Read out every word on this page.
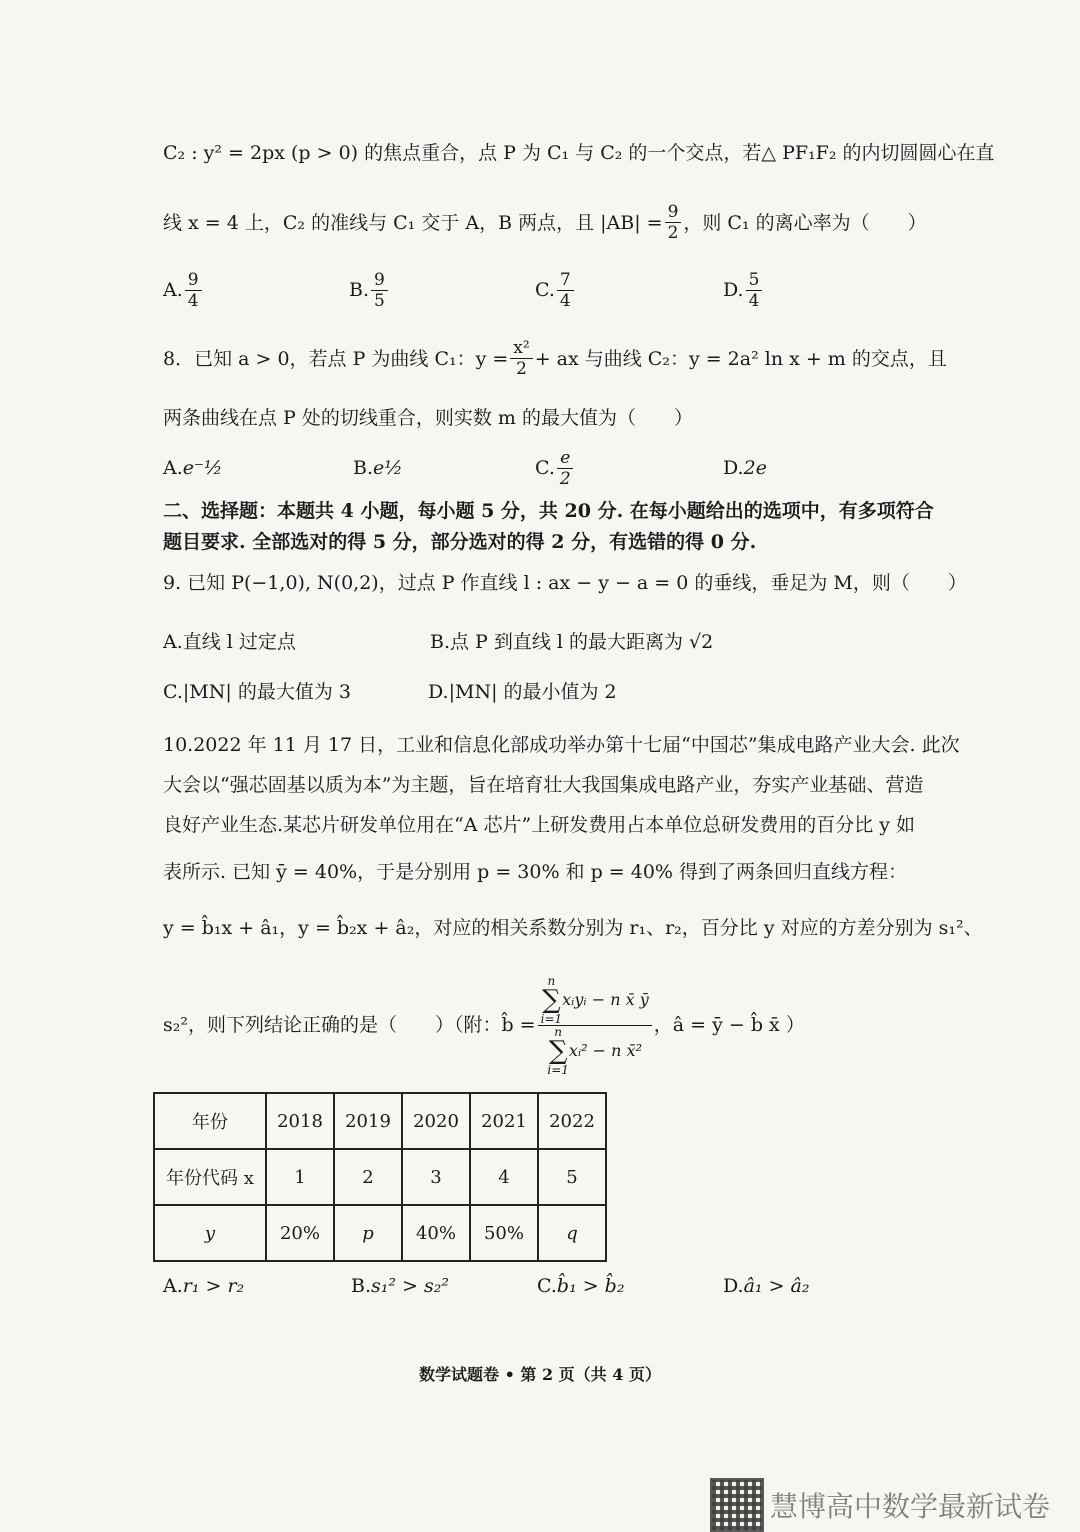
C₂ : y² = 2px (p > 0) 的焦点重合，点 P 为 C₁ 与 C₂ 的一个交点，若△ PF₁F₂ 的内切圆圆心在直
线 x = 4 上，C₂ 的准线与 C₁ 交于 A，B 两点，且 $|AB| = \frac{9}{2}$ ，则 C₁ 的离心率为（　　）
A. $\frac{9}{4}$	B. $\frac{9}{5}$	C. $\frac{7}{4}$	D. $\frac{5}{4}$
8．已知 a > 0，若点 P 为曲线 C₁：$y = \frac{\text{x²}}{2}$ + ax 与曲线 C₂：y = 2a² ln x + m 的交点，且
两条曲线在点 P 处的切线重合，则实数 m 的最大值为（　　）
A. e⁻½	B. e½	C. $\frac{e}{2}$	D. 2e
二、选择题：本题共 4 小题，每小题 5 分，共 20 分. 在每小题给出的选项中，有多项符合
题目要求. 全部选对的得 5 分，部分选对的得 2 分，有选错的得 0 分.
9. 已知 P(−1,0), N(0,2)，过点 P 作直线 l : ax − y − a = 0 的垂线，垂足为 M，则（　　）
A.直线 l 过定点	B.点 P 到直线 l 的最大距离为 √2
C.|MN| 的最大值为 3	D.|MN| 的最小值为 2
10.2022 年 11 月 17 日，工业和信息化部成功举办第十七届“中国芯”集成电路产业大会. 此次
大会以“强芯固基以质为本”为主题，旨在培育壮大我国集成电路产业，夯实产业基础、营造
良好产业生态.某芯片研发单位用在“A 芯片”上研发费用占本单位总研发费用的百分比 y 如
表所示. 已知 ȳ = 40%，于是分别用 p = 30% 和 p = 40% 得到了两条回归直线方程：
y = b̂₁x + â₁，y = b̂₂x + â₂，对应的相关系数分别为 r₁、r₂，百分比 y 对应的方差分别为 s₁²、
s₂²，则下列结论正确的是（　　）（附：b̂ = n
∑
i=1
xᵢyᵢ − n x̄ ȳ
n
∑
i=1
xᵢ² − n x̄² ，â = ȳ − b̂ x̄ ）
年份	2018	2019	2020	2021	2022
年份代码 x	1	2	3	4	5
y	20%	p	40%	50%	q
A. r₁ > r₂	B. s₁² > s₂²	C. b̂₁ > b̂₂	D. â₁ > â₂
数学试题卷 • 第 2 页（共 4 页）
慧博高中数学最新试卷
